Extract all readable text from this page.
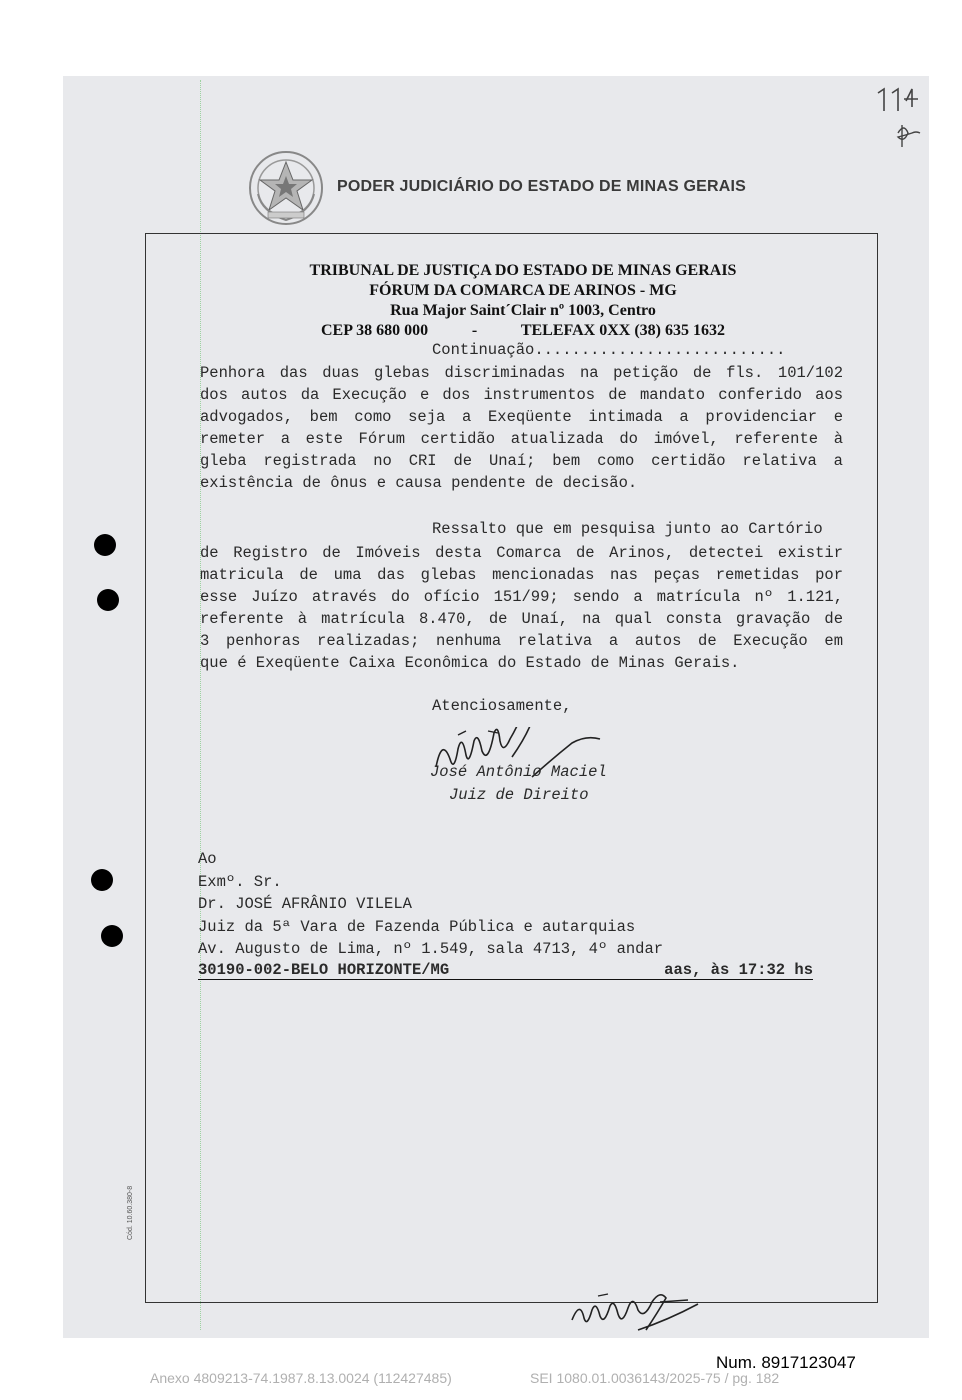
PODER JUDICIÁRIO DO ESTADO DE MINAS GERAIS
TRIBUNAL DE JUSTIÇA DO ESTADO DE MINAS GERAIS
FÓRUM DA COMARCA DE ARINOS - MG
Rua Major Saint´Clair nº 1003, Centro
CEP 38 680 000	-	TELEFAX 0XX (38) 635 1632
Continuação...........................
Penhora das duas glebas discriminadas na petição de fls. 101/102
dos autos da Execução e dos instrumentos de mandato conferido aos
advogados, bem como seja a Exeqüente intimada a providenciar e
remeter a este Fórum certidão atualizada do imóvel, referente à
gleba registrada no CRI de Unaí; bem como certidão relativa a
existência de ônus e causa pendente de decisão.
Ressalto que em pesquisa junto ao Cartório
de Registro de Imóveis desta Comarca de Arinos, detectei existir
matricula de uma das glebas mencionadas nas peças remetidas por
esse Juízo através do ofício 151/99; sendo a matrícula nº 1.121,
referente à matrícula 8.470, de Unaí, na qual consta gravação de
3 penhoras realizadas; nenhuma relativa a autos de Execução em
que é Exeqüente Caixa Econômica do Estado de Minas Gerais.
Atenciosamente,
José Antônio Maciel
Juiz de Direito
Ao
Exmº. Sr.
Dr. JOSÉ AFRÂNIO VILELA
Juiz da 5ª Vara de Fazenda Pública e autarquias
Av. Augusto de Lima, nº 1.549, sala 4713, 4º andar
30190-002 - BELO HORIZONTE/MG	aas, às 17:32 hs
Cód. 10.60.380-8
Num. 8917123047
Anexo 4809213-74.1987.8.13.0024 (112427485)	SEI 1080.01.0036143/2025-75 / pg. 182
